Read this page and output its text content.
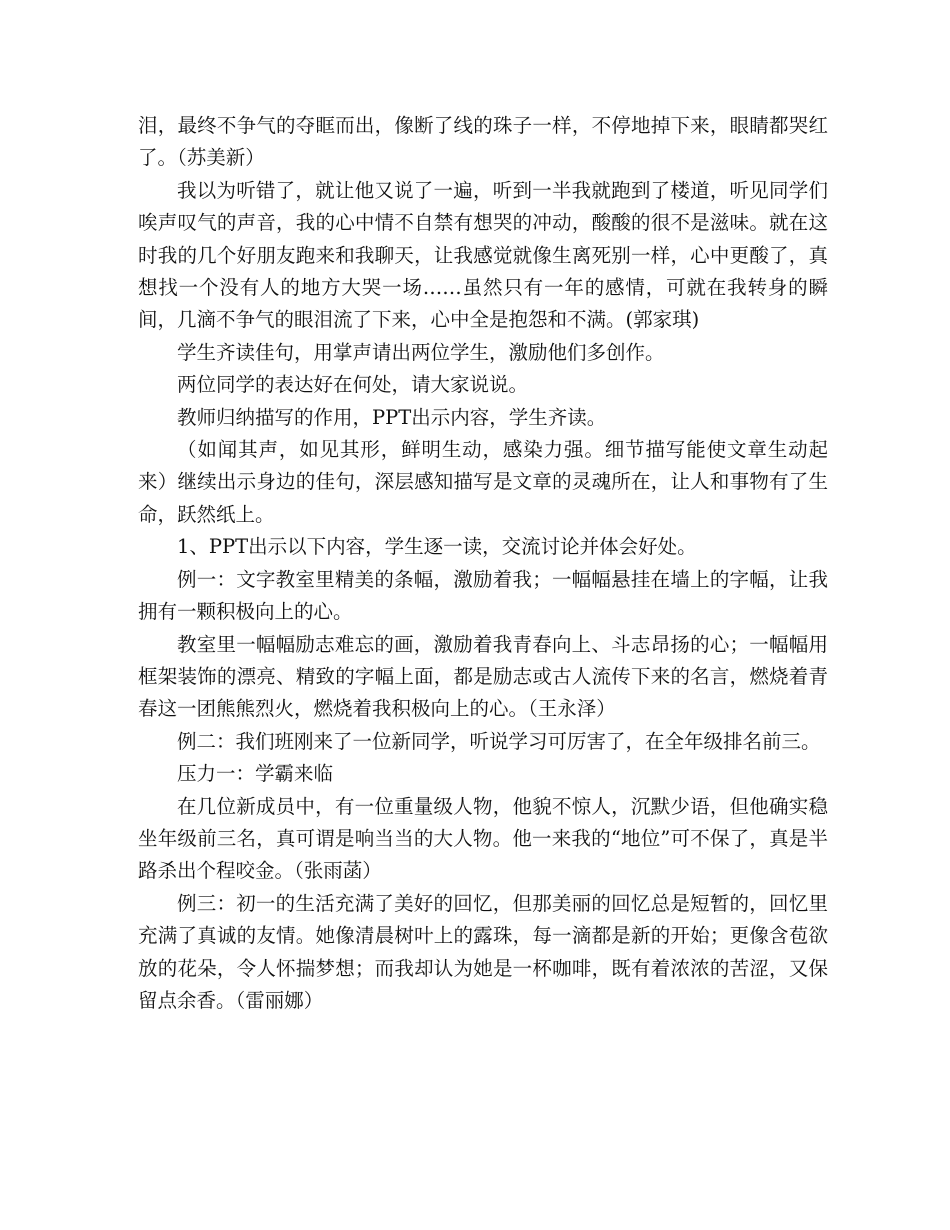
泪，最终不争气的夺眶而出，像断了线的珠子一样，不停地掉下来，眼睛都哭红了。（苏美新）

我以为听错了，就让他又说了一遍，听到一半我就跑到了楼道，听见同学们唉声叹气的声音，我的心中情不自禁有想哭的冲动，酸酸的很不是滋味。就在这时我的几个好朋友跑来和我聊天，让我感觉就像生离死别一样，心中更酸了，真想找一个没有人的地方大哭一场……虽然只有一年的感情，可就在我转身的瞬间，几滴不争气的眼泪流了下来，心中全是抱怨和不满。(郭家琪)

学生齐读佳句，用掌声请出两位学生，激励他们多创作。

两位同学的表达好在何处，请大家说说。

教师归纳描写的作用，PPT出示内容，学生齐读。

（如闻其声，如见其形，鲜明生动，感染力强。细节描写能使文章生动起来）继续出示身边的佳句，深层感知描写是文章的灵魂所在，让人和事物有了生命，跃然纸上。

1、PPT出示以下内容，学生逐一读，交流讨论并体会好处。

例一：文字教室里精美的条幅，激励着我；一幅幅悬挂在墙上的字幅，让我拥有一颗积极向上的心。

教室里一幅幅励志难忘的画，激励着我青春向上、斗志昂扬的心；一幅幅用框架装饰的漂亮、精致的字幅上面，都是励志或古人流传下来的名言，燃烧着青春这一团熊熊烈火，燃烧着我积极向上的心。（王永泽）

例二：我们班刚来了一位新同学，听说学习可厉害了，在全年级排名前三。

压力一：学霸来临

在几位新成员中，有一位重量级人物，他貌不惊人，沉默少语，但他确实稳坐年级前三名，真可谓是响当当的大人物。他一来我的“地位”可不保了，真是半路杀出个程咬金。（张雨菡）

例三：初一的生活充满了美好的回忆，但那美丽的回忆总是短暂的，回忆里充满了真诚的友情。她像清晨树叶上的露珠，每一滴都是新的开始；更像含苞欲放的花朵，令人怀揣梦想；而我却认为她是一杯咖啡，既有着浓浓的苦涩，又保留点余香。（雷丽娜）
